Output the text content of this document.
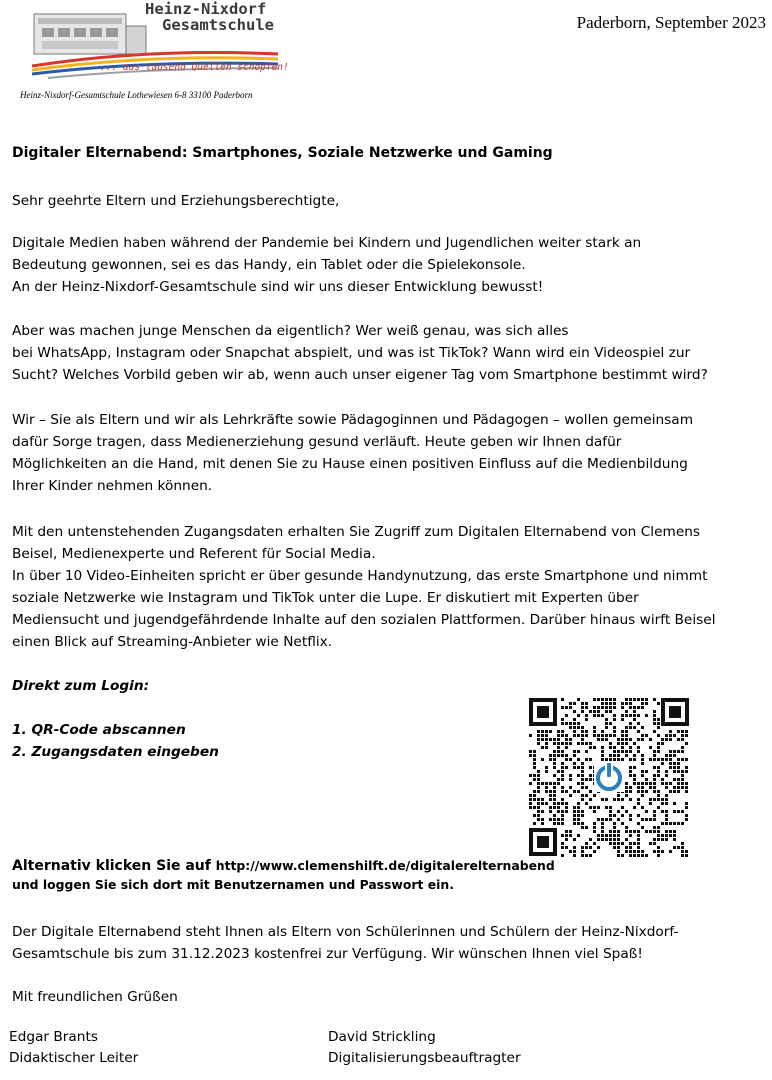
Heinz-Nixdorf
Gesamtschule
... aus tausend Quellen schöpfen!
Heinz-Nixdorf-Gesamtschule Lothewiesen 6-8 33100 Paderborn
Paderborn, September 2023
Digitaler Elternabend: Smartphones, Soziale Netzwerke und Gaming
Sehr geehrte Eltern und Erziehungsberechtigte,
Digitale Medien haben während der Pandemie bei Kindern und Jugendlichen weiter stark an
Bedeutung gewonnen, sei es das Handy, ein Tablet oder die Spielekonsole.
An der Heinz-Nixdorf-Gesamtschule sind wir uns dieser Entwicklung bewusst!
Aber was machen junge Menschen da eigentlich? Wer weiß genau, was sich alles
bei WhatsApp, Instagram oder Snapchat abspielt, und was ist TikTok? Wann wird ein Videospiel zur
Sucht? Welches Vorbild geben wir ab, wenn auch unser eigener Tag vom Smartphone bestimmt wird?
Wir – Sie als Eltern und wir als Lehrkräfte sowie Pädagoginnen und Pädagogen – wollen gemeinsam
dafür Sorge tragen, dass Medienerziehung gesund verläuft. Heute geben wir Ihnen dafür
Möglichkeiten an die Hand, mit denen Sie zu Hause einen positiven Einfluss auf die Medienbildung
Ihrer Kinder nehmen können.
Mit den untenstehenden Zugangsdaten erhalten Sie Zugriff zum Digitalen Elternabend von Clemens
Beisel, Medienexperte und Referent für Social Media.
In über 10 Video-Einheiten spricht er über gesunde Handynutzung, das erste Smartphone und nimmt
soziale Netzwerke wie Instagram und TikTok unter die Lupe. Er diskutiert mit Experten über
Mediensucht und jugendgefährdende Inhalte auf den sozialen Plattformen. Darüber hinaus wirft Beisel
einen Blick auf Streaming-Anbieter wie Netflix.
Direkt zum Login:
1. QR-Code abscannen
2. Zugangsdaten eingeben
Alternativ klicken Sie auf http://www.clemenshilft.de/digitalerelternabend
und loggen Sie sich dort mit Benutzernamen und Passwort ein.
Der Digitale Elternabend steht Ihnen als Eltern von Schülerinnen und Schülern der Heinz-Nixdorf-
Gesamtschule bis zum 31.12.2023 kostenfrei zur Verfügung. Wir wünschen Ihnen viel Spaß!
Mit freundlichen Grüßen
Edgar Brants
Didaktischer Leiter
David Strickling
Digitalisierungsbeauftragter
